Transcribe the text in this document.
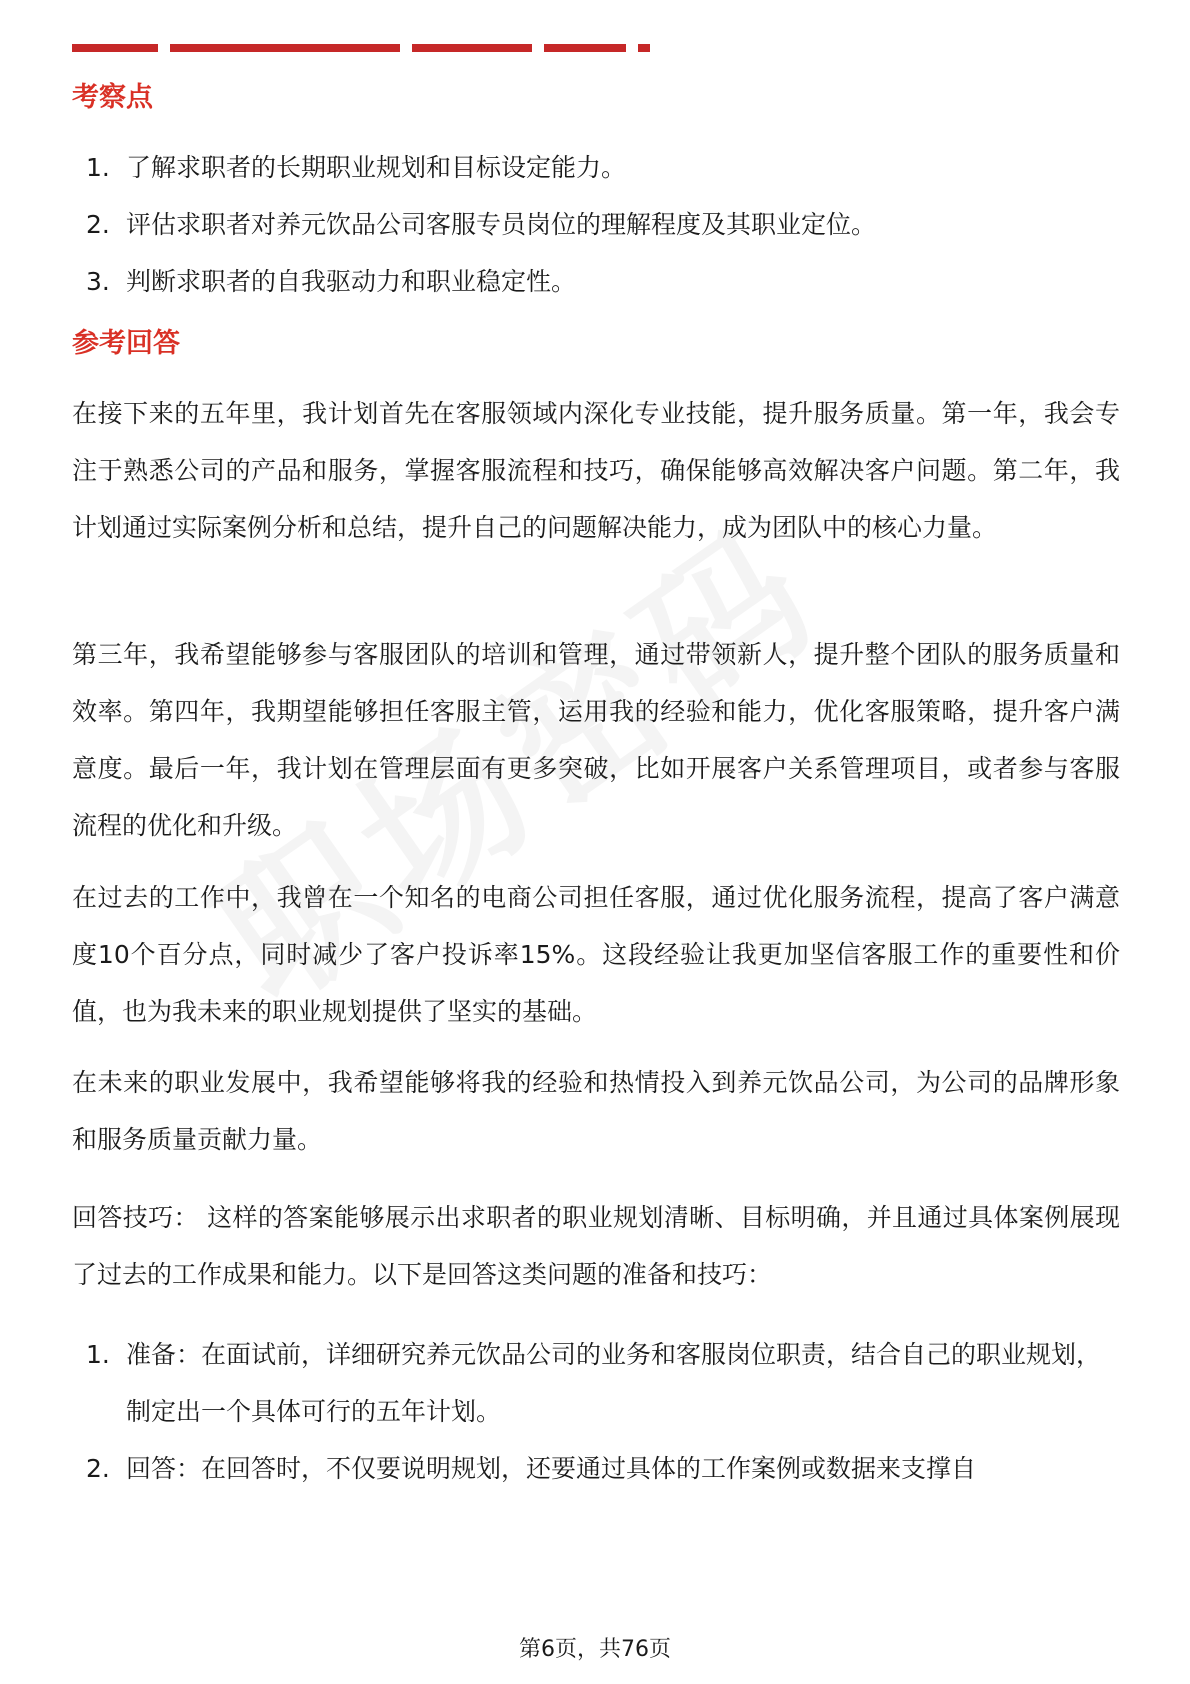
考察点
1. 了解求职者的长期职业规划和目标设定能力。
2. 评估求职者对养元饮品公司客服专员岗位的理解程度及其职业定位。
3. 判断求职者的自我驱动力和职业稳定性。
参考回答

在接下来的五年里，我计划首先在客服领域内深化专业技能，提升服务质量。第一年，我会专注于熟悉公司的产品和服务，掌握客服流程和技巧，确保能够高效解决客户问题。第二年，我计划通过实际案例分析和总结，提升自己的问题解决能力，成为团队中的核心力量。

第三年，我希望能够参与客服团队的培训和管理，通过带领新人，提升整个团队的服务质量和效率。第四年，我期望能够担任客服主管，运用我的经验和能力，优化客服策略，提升客户满意度。最后一年，我计划在管理层面有更多突破，比如开展客户关系管理项目，或者参与客服流程的优化和升级。

在过去的工作中，我曾在一个知名的电商公司担任客服，通过优化服务流程，提高了客户满意度10个百分点，同时减少了客户投诉率15%。这段经验让我更加坚信客服工作的重要性和价值，也为我未来的职业规划提供了坚实的基础。

在未来的职业发展中，我希望能够将我的经验和热情投入到养元饮品公司，为公司的品牌形象和服务质量贡献力量。

回答技巧： 这样的答案能够展示出求职者的职业规划清晰、目标明确，并且通过具体案例展现了过去的工作成果和能力。以下是回答这类问题的准备和技巧：

1. 准备：在面试前，详细研究养元饮品公司的业务和客服岗位职责，结合自己的职业规划，制定出一个具体可行的五年计划。
2. 回答：在回答时，不仅要说明规划，还要通过具体的工作案例或数据来支撑自
第6页，共76页
